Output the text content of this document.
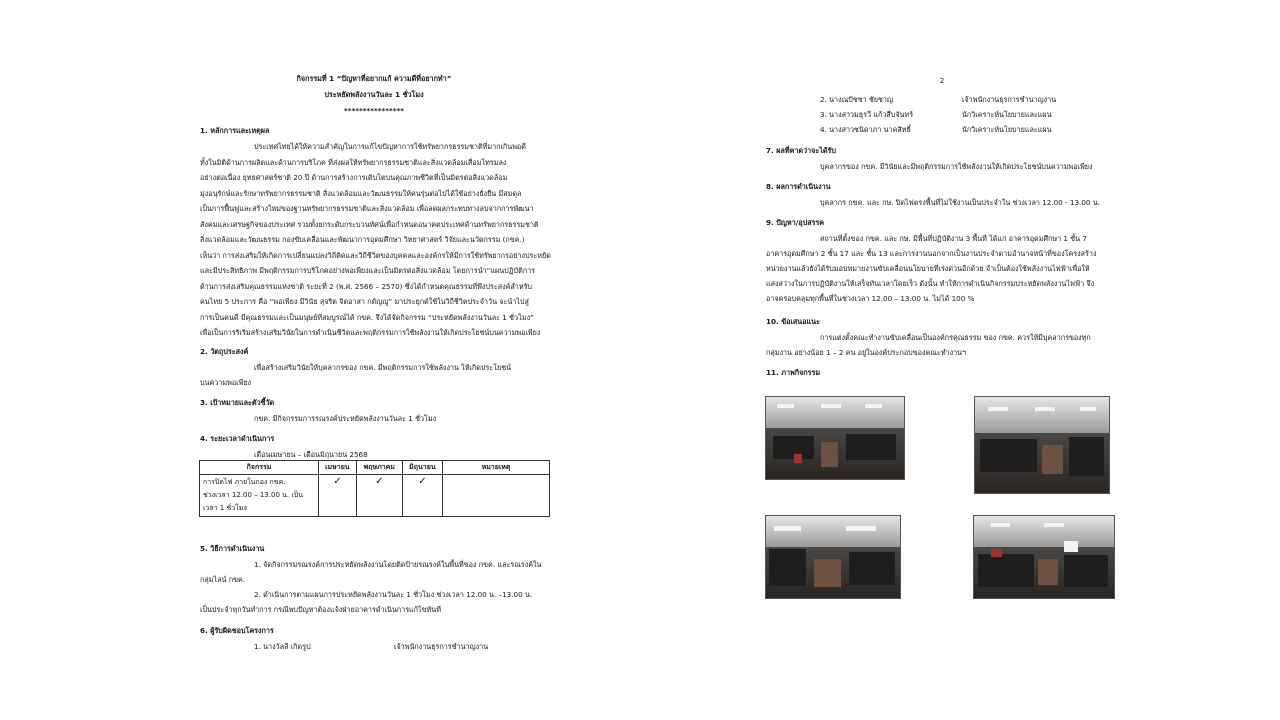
กิจกรรมที่ 1 “ปัญหาที่อยากแก้ ความดีที่อยากทำ”
ประหยัดพลังงานวันละ 1 ชั่วโมง
****************
1. หลักการและเหตุผล
ประเทศไทยได้ให้ความสำคัญในการแก้ไขปัญหาการใช้ทรัพยากรธรรมชาติที่มากเกินพอดี
ทั้งในมิติด้านการผลิตและด้านการบริโภค ที่ส่งผลให้ทรัพยากรธรรมชาติและสิ่งแวดล้อมเสื่อมโทรมลง
อย่างต่อเนื่อง ยุทธศาสตร์ชาติ 20 ปี ด้านการสร้างการเติบโตบนคุณภาพชีวิตที่เป็นมิตรต่อสิ่งแวดล้อม
มุ่งอนุรักษ์และรักษาทรัพยากรธรรมชาติ สิ่งแวดล้อมและวัฒนธรรมให้คนรุ่นต่อไปได้ใช้อย่างยั่งยืน มีสมดุล
เป็นการฟื้นฟูและสร้างใหม่ของฐานทรัพยากรธรรมชาติและสิ่งแวดล้อม เพื่อลดผลกระทบทางลบจากการพัฒนา
สังคมและเศรษฐกิจของประเทศ รวมทั้งยกระดับกระบวนทัศน์เพื่อกำหนดอนาคตประเทศด้านทรัพยากรธรรมชาติ
สิ่งแวดล้อมและวัฒนธรรม กองขับเคลื่อนและพัฒนาการอุดมศึกษา วิทยาศาสตร์ วิจัยและนวัตกรรม (กขค.)
เห็นว่า การส่งเสริมให้เกิดการเปลี่ยนแปลงวิถีคิดและวิถีชีวิตของบุคคลและองค์กรให้มีการใช้ทรัพยากรอย่างประหยัด
และมีประสิทธิภาพ มีพฤติกรรมการบริโภคอย่างพอเพียงและเป็นมิตรต่อสิ่งแวดล้อม โดยการนำ“แผนปฏิบัติการ
ด้านการส่งเสริมคุณธรรมแห่งชาติ ระยะที่ 2 (พ.ศ. 2566 – 2570) ซึ่งได้กำหนดคุณธรรมที่พึงประสงค์สำหรับ
คนไทย 5 ประการ คือ “พอเพียง มีวินัย สุจริต จิตอาสา กตัญญู” มาประยุกต์ใช้ในวิถีชีวิตประจำวัน จะนำไปสู่
การเป็นคนดี มีคุณธรรมและเป็นมนุษย์ที่สมบูรณ์ได้ กขค. จึงได้จัดกิจกรรม “ประหยัดพลังงานวันละ 1 ชั่วโมง”
เพื่อเป็นการริเริ่มสร้างเสริมวินัยในการดำเนินชีวิตและพฤติกรรมการใช้พลังงานให้เกิดประโยชน์บนความพอเพียง
2. วัตถุประสงค์
เพื่อสร้างเสริมวินัยให้บุคลากรของ กขค. มีพฤติกรรมการใช้พลังงาน ให้เกิดประโยชน์
บนความพอเพียง
3. เป้าหมายและตัวชี้วัด
กขค. มีกิจกรรมการรณรงค์ประหยัดพลังงานวันละ 1 ชั่วโมง
4. ระยะเวลาดำเนินการ
เดือนเมษายน – เดือนมิถุนายน 2568
กิจกรรม	เมษายน	พฤษภาคม	มิถุนายน	หมายเหตุ

การปิดไฟ ภายในกอง กขค.
ช่วงเวลา 12.00 – 13.00 น. เป็น
เวลา 1 ชั่วโมง	✓	✓	✓	
5. วิธีการดำเนินงาน
1. จัดกิจกรรมรณรงค์การประหยัดพลังงานโดยติดป้ายรณรงค์ในพื้นที่ของ กขค. และรณรงค์ใน
กลุ่มไลน์ กขค.
2. ดำเนินการตามแผนการประหยัดพลังงานวันละ 1 ชั่วโมง ช่วงเวลา 12.00 น. –13.00 น.
เป็นประจำทุกวันทำการ กรณีพบปัญหาต้องแจ้งฝ่ายอาคารดำเนินการแก้ไขทันที
6. ผู้รับผิดชอบโครงการ
1. นางวัลลี เกิดรูป	เจ้าพนักงานธุรการชำนาญงาน
2
2. นางณปัชชา ชัยชาญ	เจ้าพนักงานธุรการชำนาญงาน
3. นางสาวมธุรวี แก้วสืบจันทร์	นักวิเคราะห์นโยบายและแผน
4. นางสาวชนิดาภา นาคสิทธิ์	นักวิเคราะห์นโยบายและแผน
7. ผลที่คาดว่าจะได้รับ
บุคลากรของ กขค. มีวินัยและมีพฤติกรรมการใช้พลังงานให้เกิดประโยชน์บนความพอเพียง
8. ผลการดำเนินงาน
บุคลากร กขค. และ กษ. ปิดไฟตรงพื้นที่ไม่ใช้งานเป็นประจำใน ช่วงเวลา 12.00 - 13.00 น.
9. ปัญหา/อุปสรรค
สถานที่ตั้งของ กขค. และ กษ. มีพื้นที่ปฏิบัติงาน 3 พื้นที่ ได้แก่ อาคารอุดมศึกษา 1 ชั้น 7
อาคารอุดมศึกษา 2 ชั้น 17 และ ชั้น 13 และการงานนอกจากเป็นงานประจำตามอำนาจหน้าที่ของโครงสร้าง
หน่วยงานแล้วยังได้รับมอบหมายงานขับเคลื่อนนโยบายที่เร่งด่วนอีกด้วย จำเป็นต้องใช้พลังงานไฟฟ้าเพื่อให้
แสงสว่างในการปฏิบัติงานให้เสร็จทันเวลาโดยเร็ว ดังนั้น ทำให้การดำเนินกิจกรรมประหยัดพลังงานไฟฟ้า จึง
อาจครอบคลุมทุกพื้นที่ในช่วงเวลา 12.00 – 13.00 น. ไม่ได้ 100 %
10. ข้อเสนอแนะ
การแต่งตั้งคณะทำงานขับเคลื่อนเป็นองค์กรคุณธรรม ของ กขค. ควรให้มีบุคลากรของทุก
กลุ่มงาน อย่างน้อย 1 – 2 คน อยู่ในองค์ประกอบของคณะทำงานฯ
11. ภาพกิจกรรม
